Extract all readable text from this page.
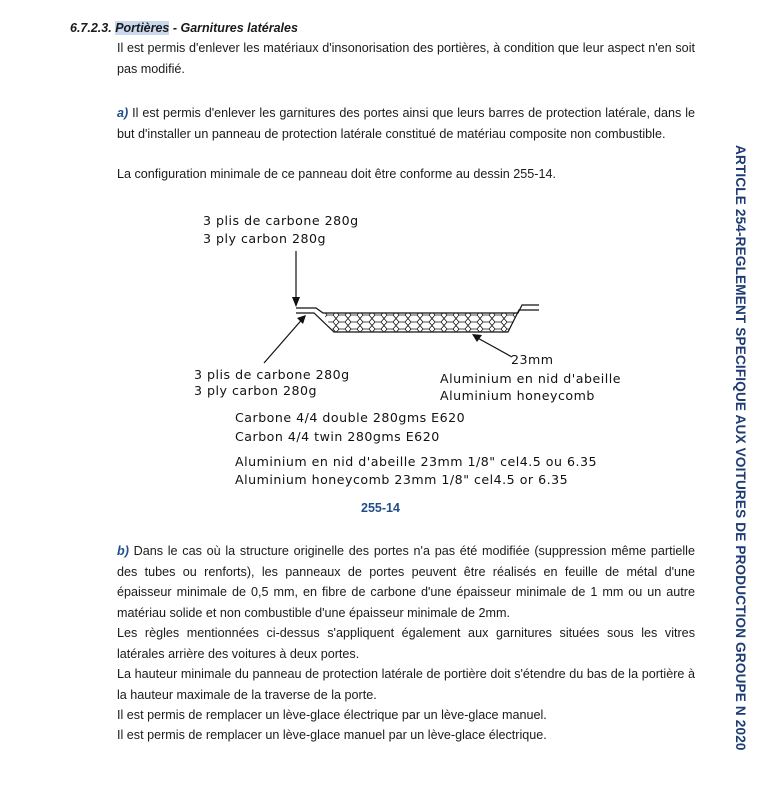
6.7.2.3. Portières - Garnitures latérales
Il est permis d'enlever les matériaux d'insonorisation des portières, à condition que leur aspect n'en soit pas modifié.
a) Il est permis d'enlever les garnitures des portes ainsi que leurs barres de protection latérale, dans le but d'installer un panneau de protection latérale constitué de matériau composite non combustible.
La configuration minimale de ce panneau doit être conforme au dessin 255-14.
3 plis de carbone 280g
3 ply carbon 280g
23mm
3 plis de carbone 280g
3 ply carbon 280g
Aluminium en nid d'abeille
Aluminium honeycomb
Carbone 4/4 double 280gms E620
Carbon 4/4 twin 280gms E620
Aluminium en nid d'abeille 23mm 1/8" cel4.5 ou 6.35
Aluminium honeycomb 23mm 1/8" cel4.5 or 6.35
255-14
b) Dans le cas où la structure originelle des portes n'a pas été modifiée (suppression même partielle des tubes ou renforts), les panneaux de portes peuvent être réalisés en feuille de métal d'une épaisseur minimale de 0,5 mm, en fibre de carbone d'une épaisseur minimale de 1 mm ou un autre matériau solide et non combustible d'une épaisseur minimale de 2mm.
Les règles mentionnées ci-dessus s'appliquent également aux garnitures situées sous les vitres latérales arrière des voitures à deux portes.
La hauteur minimale du panneau de protection latérale de portière doit s'étendre du bas de la portière à la hauteur maximale de la traverse de la porte.
Il est permis de remplacer un lève-glace électrique par un lève-glace manuel.
Il est permis de remplacer un lève-glace manuel par un lève-glace électrique.	ARTICLE 254-REGLEMENT SPECIFIQUE AUX VOITURES DE PRODUCTION GROUPE N 2020
